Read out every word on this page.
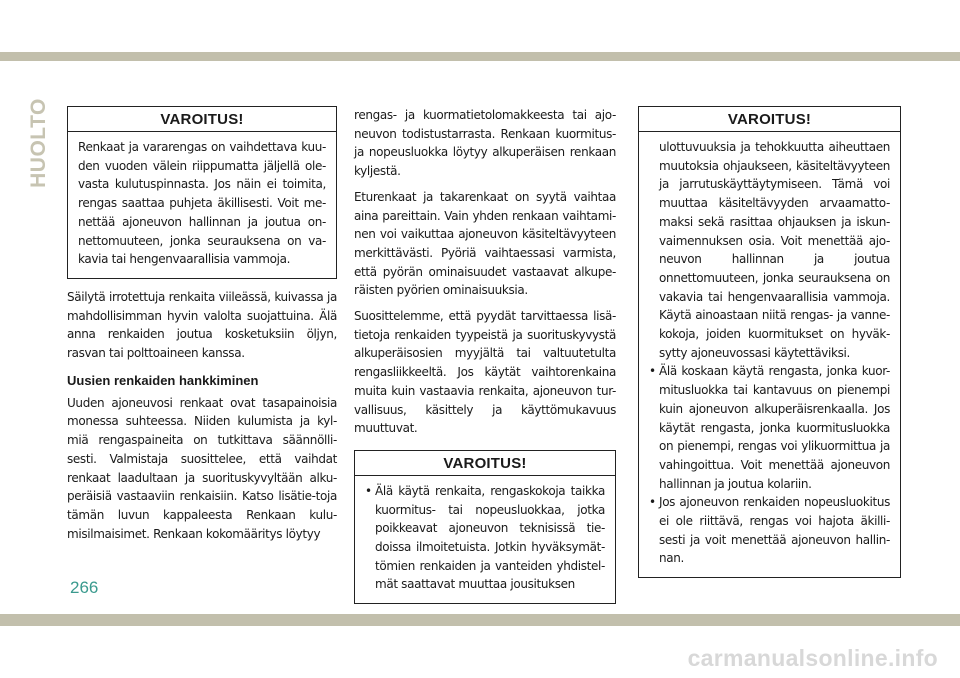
HUOLTO	VAROITUS!
Renkaat ja vararengas on vaihdettava kuu-den vuoden välein riippumatta jäljellä ole-vasta kulutuspinnasta. Jos näin ei toimita, rengas saattaa puhjeta äkillisesti. Voit me-nettää ajoneuvon hallinnan ja joutua on-nettomuuteen, jonka seurauksena on va-kavia tai hengenvaarallisia vammoja.

Säilytä irrotettuja renkaita viileässä, kuivassa ja mahdollisimman hyvin valolta suojattuina. Älä anna renkaiden joutua kosketuksiin öljyn, rasvan tai polttoaineen kanssa.

Uusien renkaiden hankkiminen

Uuden ajoneuvosi renkaat ovat tasapainoisia monessa suhteessa. Niiden kulumista ja kyl-miä rengaspaineita on tutkittava säännölli-sesti. Valmistaja suosittelee, että vaihdat renkaat laadultaan ja suorituskyvyltään alku-peräisiä vastaaviin renkaisiin. Katso lisätie-toja tämän luvun kappaleesta Renkaan kulu-misilmaisimet. Renkaan kokomääritys löytyy

rengas- ja kuormatietolomakkeesta tai ajo-neuvon todistustarrasta. Renkaan kuormitus- ja nopeusluokka löytyy alkuperäisen renkaan kyljestä.

Eturenkaat ja takarenkaat on syytä vaihtaa aina pareittain. Vain yhden renkaan vaihtami-nen voi vaikuttaa ajoneuvon käsiteltävyyteen merkittävästi. Pyöriä vaihtaessasi varmista, että pyörän ominaisuudet vastaavat alkupe-räisten pyörien ominaisuuksia.

Suosittelemme, että pyydät tarvittaessa lisä-tietoja renkaiden tyypeistä ja suorituskyvystä alkuperäisosien myyjältä tai valtuutetulta rengasliikkeeltä. Jos käytät vaihtorenkaina muita kuin vastaavia renkaita, ajoneuvon tur-vallisuus, käsittely ja käyttömukavuus muuttuvat.

VAROITUS!
• Älä käytä renkaita, rengaskokoja taikka kuormitus- tai nopeusluokkaa, jotka poikkeavat ajoneuvon teknisissä tie-doissa ilmoitetuista. Jotkin hyväksymät-tömien renkaiden ja vanteiden yhdistel-mät saattavat muuttaa jousituksen
VAROITUS!
ulottuvuuksia ja tehokkuutta aiheuttaen muutoksia ohjaukseen, käsiteltävyyteen ja jarrutuskäyttäytymiseen. Tämä voi muuttaa käsiteltävyyden arvaamatto-maksi sekä rasittaa ohjauksen ja iskun-vaimennuksen osia. Voit menettää ajo-neuvon hallinnan ja joutua onnettomuuteen, jonka seurauksena on vakavia tai hengenvaarallisia vammoja. Käytä ainoastaan niitä rengas- ja vanne-kokoja, joiden kuormitukset on hyväk-sytty ajoneuvossasi käytettäviksi.
• Älä koskaan käytä rengasta, jonka kuor-mitusluokka tai kantavuus on pienempi kuin ajoneuvon alkuperäisrenkaalla. Jos käytät rengasta, jonka kuormitusluokka on pienempi, rengas voi ylikuormittua ja vahingoittua. Voit menettää ajoneuvon hallinnan ja joutua kolariin.
• Jos ajoneuvon renkaiden nopeusluokitus ei ole riittävä, rengas voi hajota äkilli-sesti ja voit menettää ajoneuvon hallin-nan.
266
carmanualsonline.info
